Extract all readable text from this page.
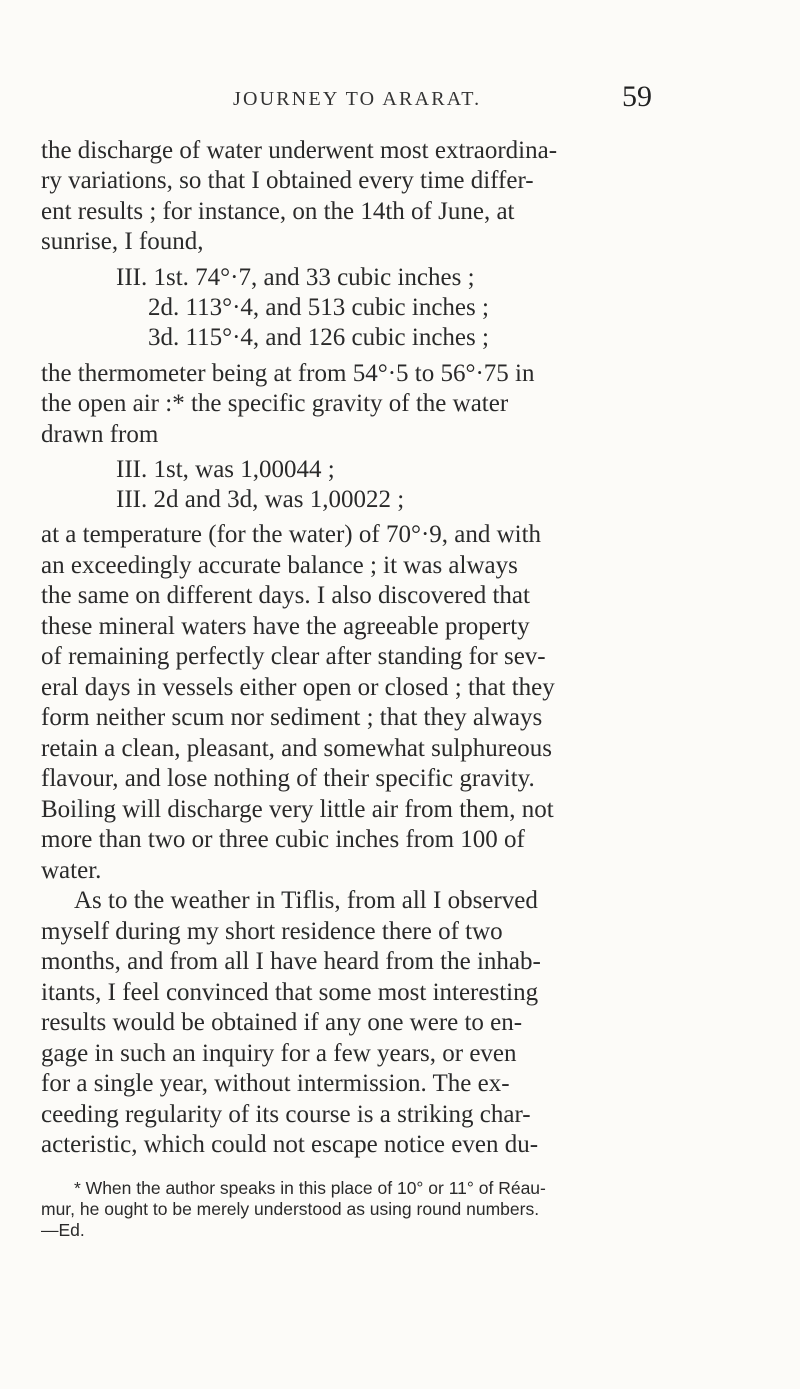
JOURNEY TO ARARAT.	59
the discharge of water underwent most extraordina-
ry variations, so that I obtained every time differ-
ent results ; for instance, on the 14th of June, at
sunrise, I found,
III. 1st. 74°·7, and 33 cubic inches ;
2d. 113°·4, and 513 cubic inches ;
3d. 115°·4, and 126 cubic inches ;
the thermometer being at from 54°·5 to 56°·75 in
the open air :* the specific gravity of the water
drawn from
III. 1st, was 1,00044 ;
III. 2d and 3d, was 1,00022 ;
at a temperature (for the water) of 70°·9, and with
an exceedingly accurate balance ; it was always
the same on different days. I also discovered that
these mineral waters have the agreeable property
of remaining perfectly clear after standing for sev-
eral days in vessels either open or closed ; that they
form neither scum nor sediment ; that they always
retain a clean, pleasant, and somewhat sulphureous
flavour, and lose nothing of their specific gravity.
Boiling will discharge very little air from them, not
more than two or three cubic inches from 100 of
water.
As to the weather in Tiflis, from all I observed
myself during my short residence there of two
months, and from all I have heard from the inhab-
itants, I feel convinced that some most interesting
results would be obtained if any one were to en-
gage in such an inquiry for a few years, or even
for a single year, without intermission. The ex-
ceeding regularity of its course is a striking char-
acteristic, which could not escape notice even du-
* When the author speaks in this place of 10° or 11° of Réau-
mur, he ought to be merely understood as using round numbers.
—Ed.
